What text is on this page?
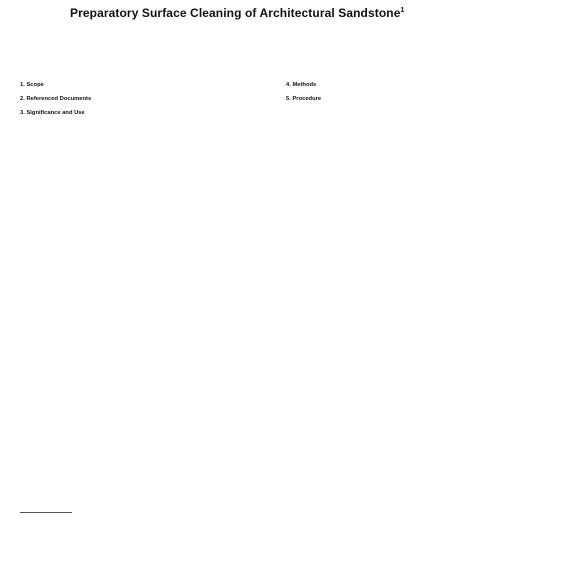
Preparatory Surface Cleaning of Architectural Sandstone$^1$
1. Scope
2. Referenced Documents
3. Significance and Use
4. Methods
5. Procedure
